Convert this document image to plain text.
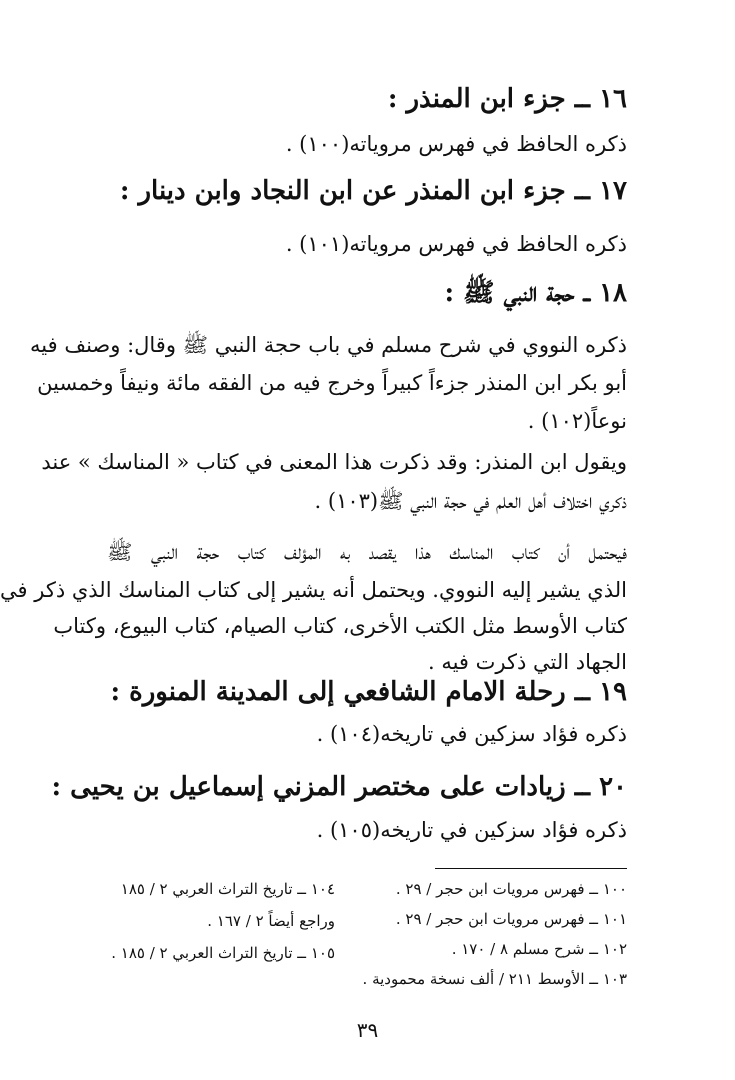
١٦ ــ جزء ابن المنذر :
ذكره الحافظ في فهرس مروياته(١٠٠) .
١٧ ــ جزء ابن المنذر عن ابن النجاد وابن دينار :
ذكره الحافظ في فهرس مروياته(١٠١) .
١٨ ــ حجة النبي ﷺ :
ذكره النووي في شرح مسلم في باب حجة النبي ﷺ وقال: وصنف فيه
أبو بكر ابن المنذر جزءاً كبيراً وخرج فيه من الفقه مائة ونيفاً وخمسين
نوعاً(١٠٢) .
ويقول ابن المنذر: وقد ذكرت هذا المعنى في كتاب « المناسك » عند
ذكري اختلاف أهل العلم في حجة النبي ﷺ(١٠٣) .
فيحتمل أن كتاب المناسك هذا يقصد به المؤلف كتاب حجة النبي ﷺ
الذي يشير إليه النووي. ويحتمل أنه يشير إلى كتاب المناسك الذي ذكر في
كتاب الأوسط مثل الكتب الأخرى، كتاب الصيام، كتاب البيوع، وكتاب
الجهاد التي ذكرت فيه .
١٩ ــ رحلة الامام الشافعي إلى المدينة المنورة :
ذكره فؤاد سزكين في تاريخه(١٠٤) .
٢٠ ــ زيادات على مختصر المزني إسماعيل بن يحيى :
ذكره فؤاد سزكين في تاريخه(١٠٥) .
١٠٠ ــ فهرس مرويات ابن حجر / ٢٩ .
١٠١ ــ فهرس مرويات ابن حجر / ٢٩ .
١٠٢ ــ شرح مسلم ٨ / ١٧٠ .
١٠٣ ــ الأوسط ٢١١ / ألف نسخة محمودية .
١٠٤ ــ تاريخ التراث العربي ٢ / ١٨٥
وراجع أيضاً ٢ / ١٦٧ .
١٠٥ ــ تاريخ التراث العربي ٢ / ١٨٥ .
٣٩
